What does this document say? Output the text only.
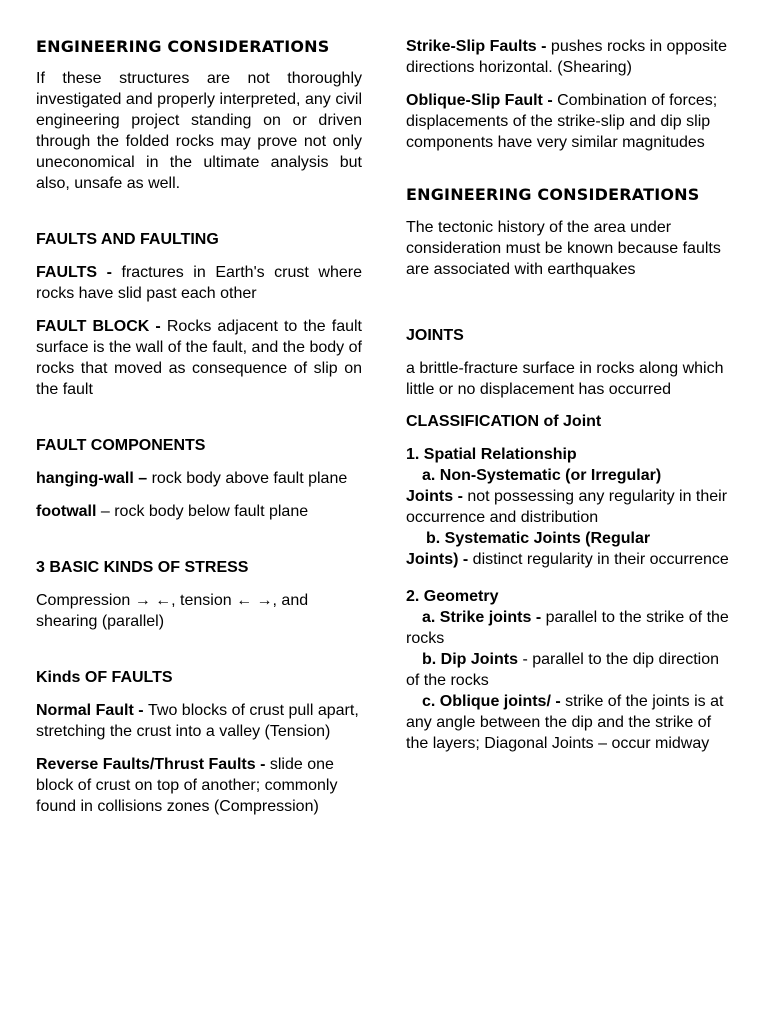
ENGINEERING CONSIDERATIONS

If these structures are not thoroughly investigated and properly interpreted, any civil engineering project standing on or driven through the folded rocks may prove not only uneconomical in the ultimate analysis but also, unsafe as well.

FAULTS AND FAULTING

FAULTS - fractures in Earth's crust where rocks have slid past each other

FAULT BLOCK - Rocks adjacent to the fault surface is the wall of the fault, and the body of rocks that moved as consequence of slip on the fault

FAULT COMPONENTS

hanging-wall – rock body above fault plane

footwall – rock body below fault plane

3 BASIC KINDS OF STRESS

Compression → ←, tension ← →, and shearing (parallel)

Kinds OF FAULTS

Normal Fault - Two blocks of crust pull apart, stretching the crust into a valley (Tension)

Reverse Faults/Thrust Faults - slide one block of crust on top of another; commonly found in collisions zones (Compression)

Strike-Slip Faults - pushes rocks in opposite directions horizontal. (Shearing)

Oblique-Slip Fault - Combination of forces; displacements of the strike-slip and dip slip components have very similar magnitudes

ENGINEERING CONSIDERATIONS

The tectonic history of the area under consideration must be known because faults are associated with earthquakes

JOINTS

a brittle-fracture surface in rocks along which little or no displacement has occurred

CLASSIFICATION of Joint

1. Spatial Relationship

a. Non-Systematic (or Irregular)
Joints - not possessing any regularity in their occurrence and distribution

b. Systematic Joints (Regular
Joints) - distinct regularity in their occurrence

2. Geometry

a. Strike joints - parallel to the strike of the rocks

b. Dip Joints - parallel to the dip direction of the rocks

c. Oblique joints/ - strike of the joints is at any angle between the dip and the strike of the layers; Diagonal Joints – occur midway
